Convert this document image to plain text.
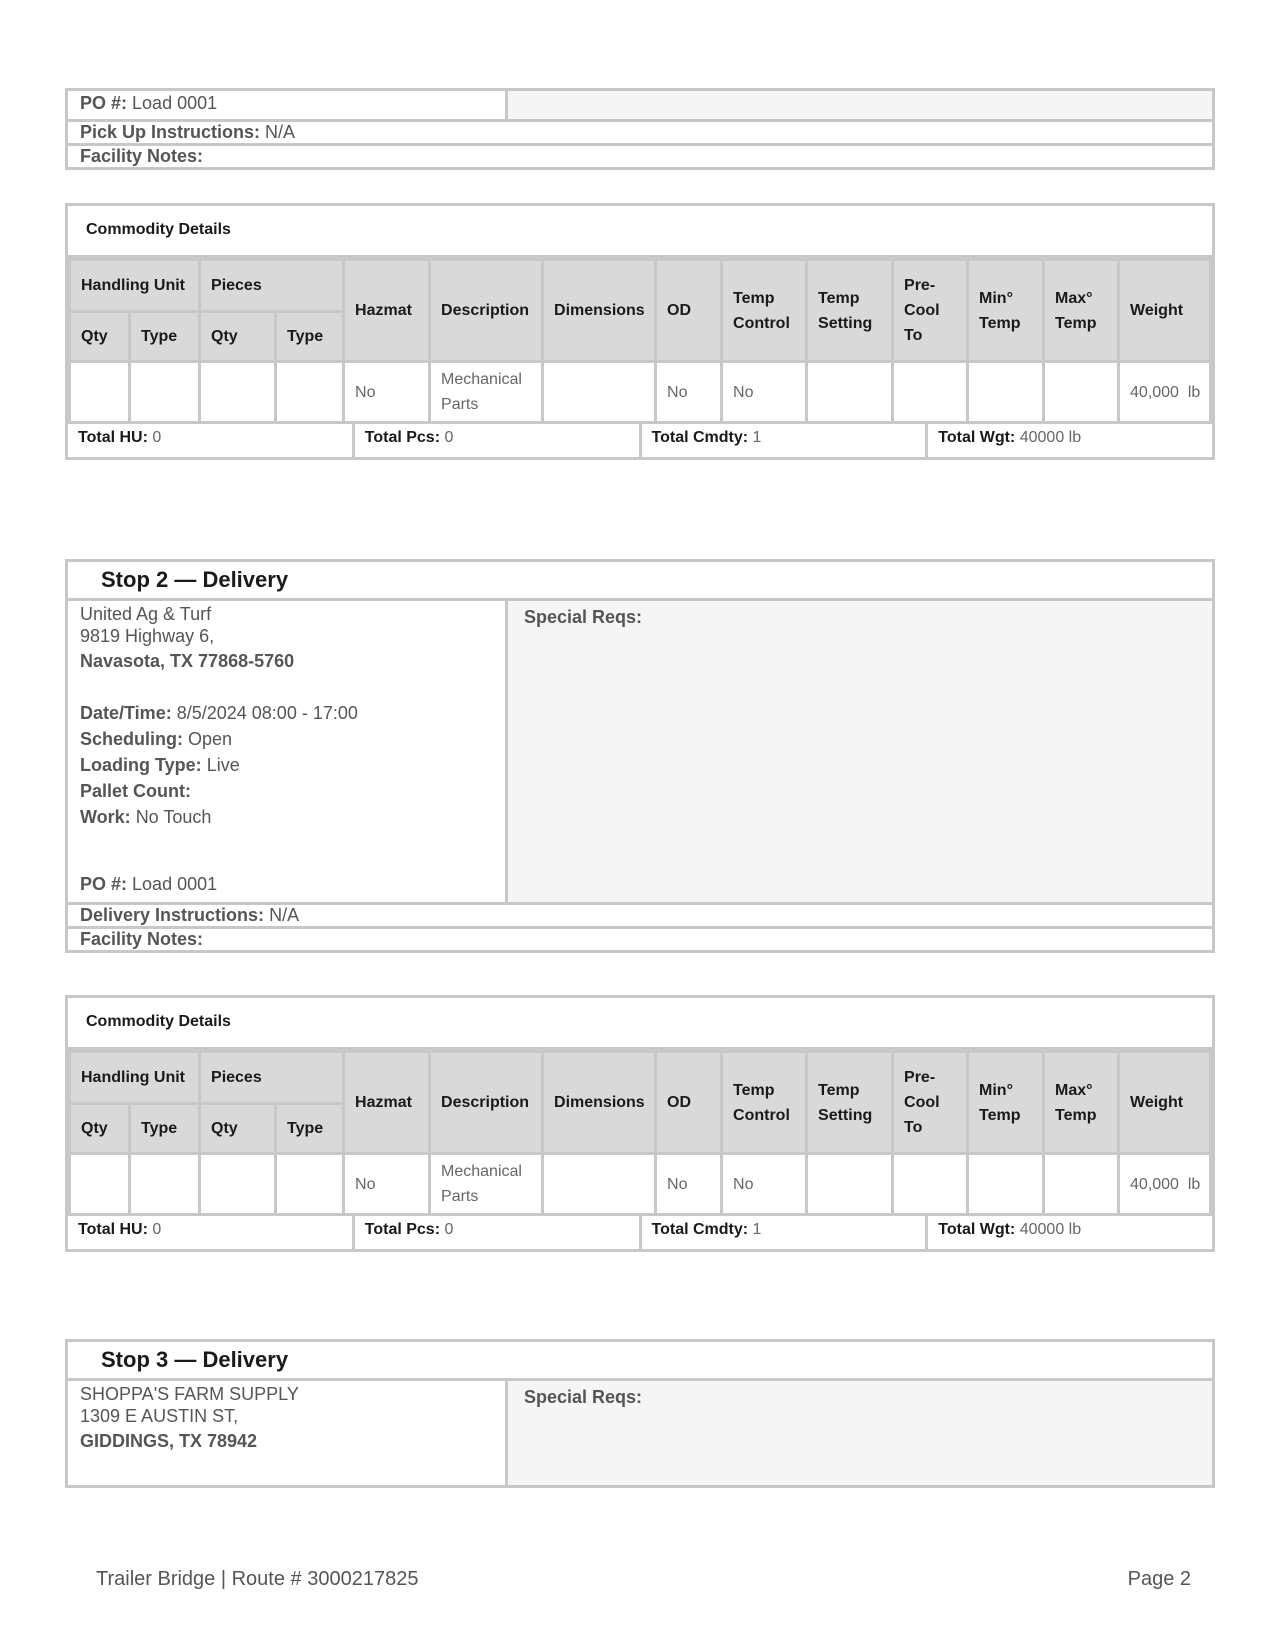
PO #: Load 0001
Pick Up Instructions: N/A
Facility Notes:
Commodity Details
Handling Unit		Pieces		Hazmat	Description	Dimensions	OD	Temp Control	Temp Setting	Pre-Cool To	Min° Temp	Max° Temp	Weight
Qty	Type	Qty	Type										
				No	Mechanical Parts		No	No					40,000  lb
Total HU: 0	Total Pcs: 0	Total Cmdty: 1	Total Wgt: 40000 lb
Stop 2 — Delivery
United Ag & Turf
9819 Highway 6,
Navasota, TX 77868-5760
Date/Time: 8/5/2024 08:00 - 17:00
Scheduling: Open
Loading Type: Live
Pallet Count:
Work: No Touch
PO #: Load 0001
Special Reqs:
Delivery Instructions: N/A
Facility Notes:
Commodity Details
Handling Unit		Pieces		Hazmat	Description	Dimensions	OD	Temp Control	Temp Setting	Pre-Cool To	Min° Temp	Max° Temp	Weight
Qty	Type	Qty	Type										
				No	Mechanical Parts		No	No					40,000  lb
Total HU: 0	Total Pcs: 0	Total Cmdty: 1	Total Wgt: 40000 lb
Stop 3 — Delivery
SHOPPA'S FARM SUPPLY
1309 E AUSTIN ST,
GIDDINGS, TX 78942
Special Reqs:
Trailer Bridge | Route # 3000217825	Page 2
